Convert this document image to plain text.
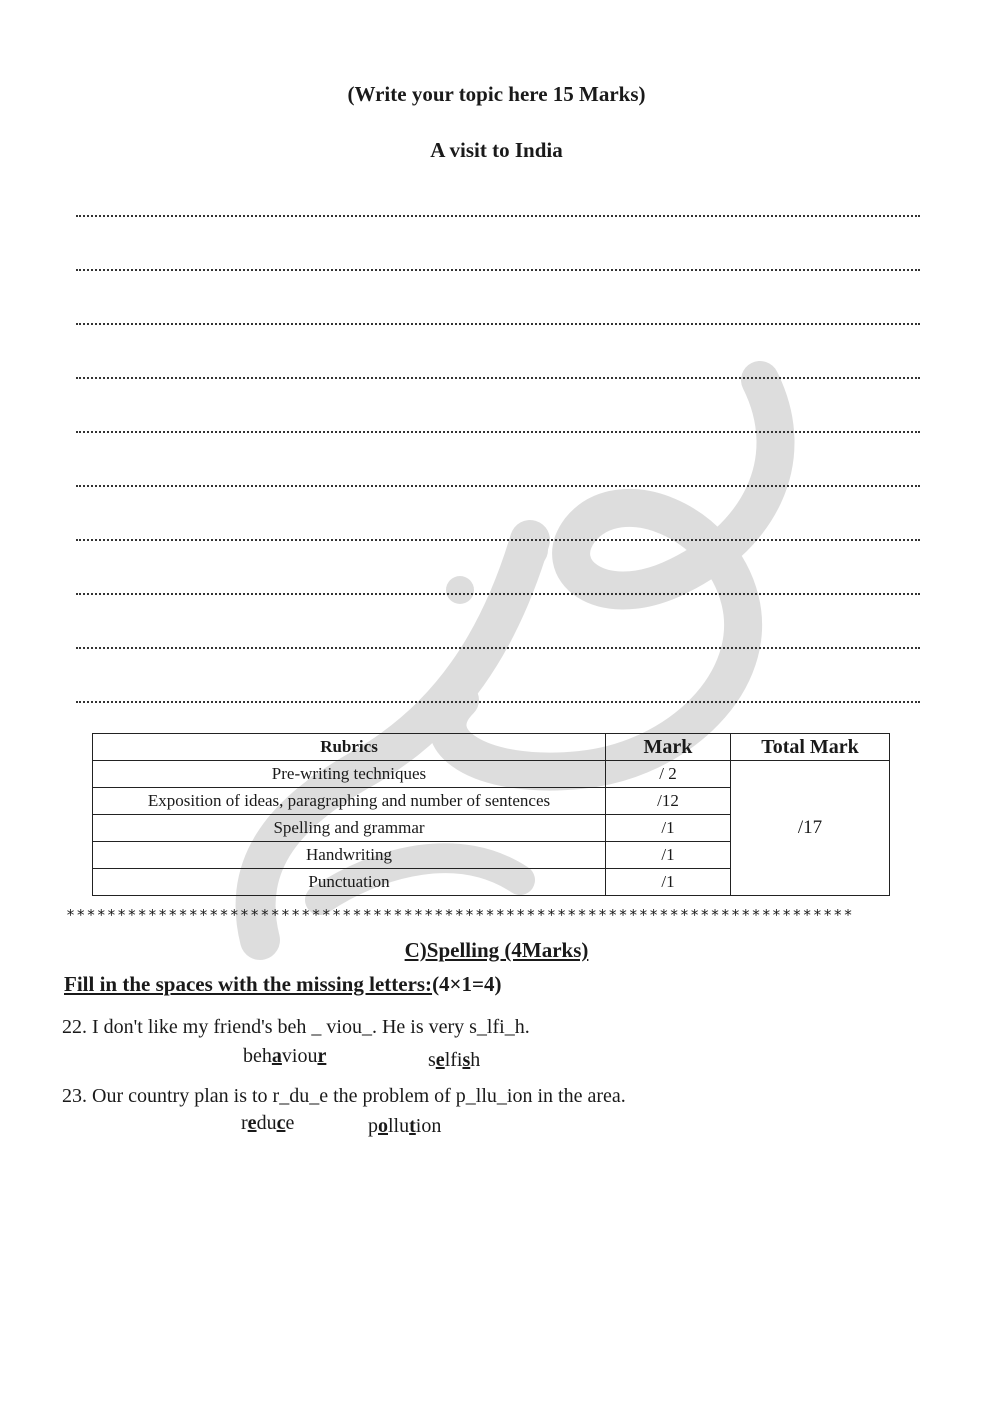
(Write your topic here 15 Marks)
A visit to India
Rubrics	Mark	Total Mark
Pre-writing techniques	/ 2	/17
Exposition of ideas, paragraphing and number of sentences	/12	
Spelling and grammar	/1	
Handwriting	/1	
Punctuation	/1	
*****************************************************************************
C)Spelling (4Marks)
Fill in the spaces with the missing letters:(4×1=4)
22. I don't like my friend's beh _ viou_. He is very s_lfi_h.
behaviour	selfish
23. Our country plan is to r_du_e the problem of p_llu_ion in the area.
reduce	pollution
